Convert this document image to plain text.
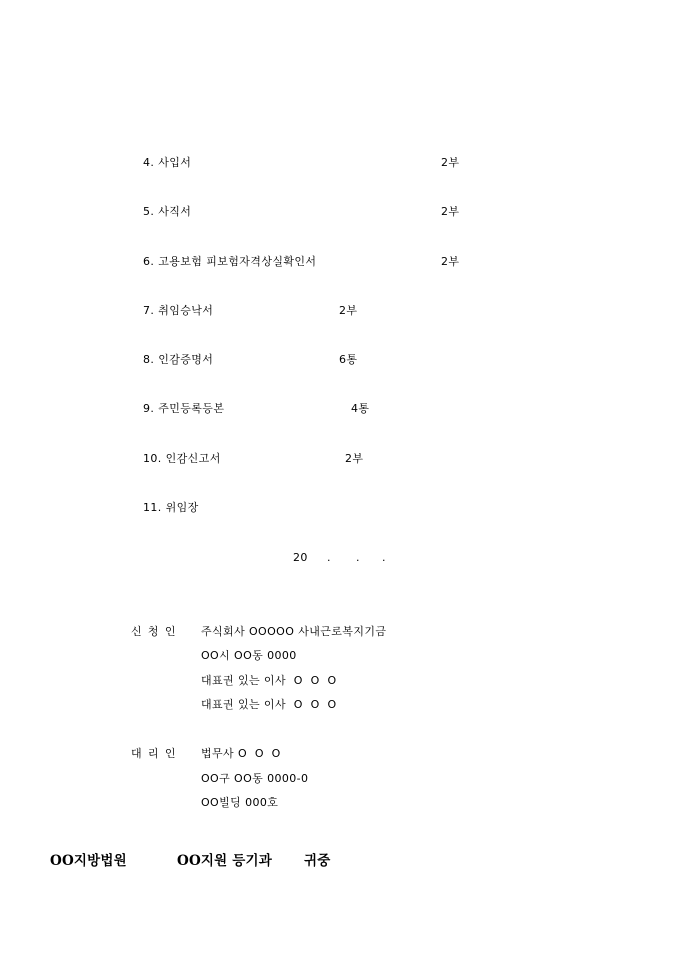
4. 사입서	2부
5. 사직서	2부
6. 고용보험 피보험자격상실확인서	2부
7. 취임승낙서	2부
8. 인감증명서	6통
9. 주민등록등본	4통
10. 인감신고서	2부
11. 위임장
20 . . .
신 청 인 주식회사 OOOOO 사내근로복지기금
OO시 OO동 0000
대표권 있는 이사  O  O  O
대표권 있는 이사  O  O  O
대 리 인 법무사 O  O  O
OO구 OO동 0000-0
OO빌딩 000호

OO지방법원

	OO지원 등기과

귀중
